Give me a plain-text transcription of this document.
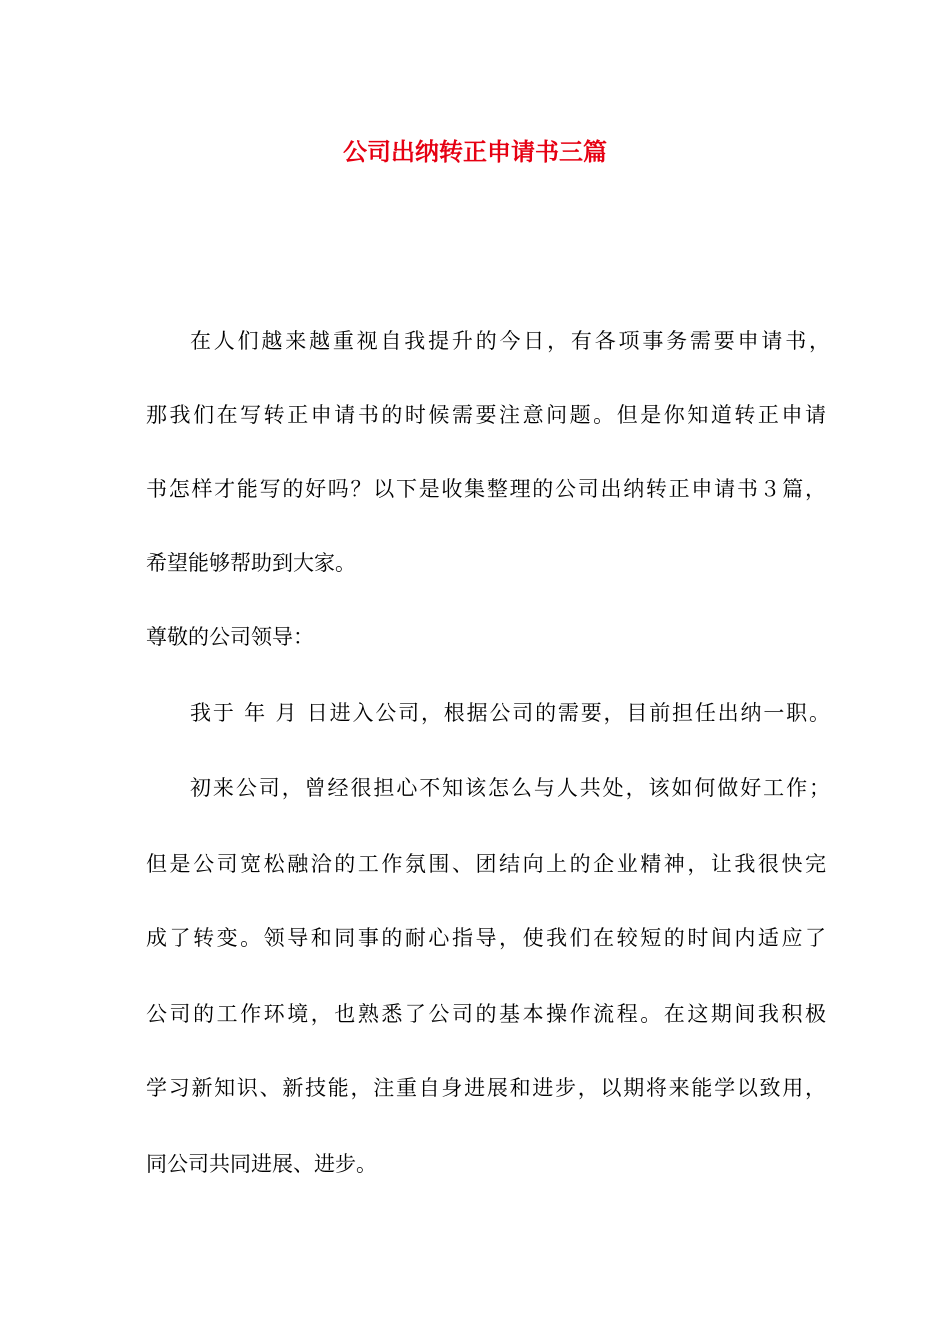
公司出纳转正申请书三篇
在人们越来越重视自我提升的今日，有各项事务需要申请书，
那我们在写转正申请书的时候需要注意问题。但是你知道转正申请
书怎样才能写的好吗？以下是收集整理的公司出纳转正申请书３篇，
希望能够帮助到大家。
尊敬的公司领导：
我于 年 月 日进入公司，根据公司的需要，目前担任出纳一职。
初来公司，曾经很担心不知该怎么与人共处，该如何做好工作；
但是公司宽松融洽的工作氛围、团结向上的企业精神，让我很快完
成了转变。领导和同事的耐心指导，使我们在较短的时间内适应了
公司的工作环境，也熟悉了公司的基本操作流程。在这期间我积极
学习新知识、新技能，注重自身进展和进步，以期将来能学以致用，
同公司共同进展、进步。
